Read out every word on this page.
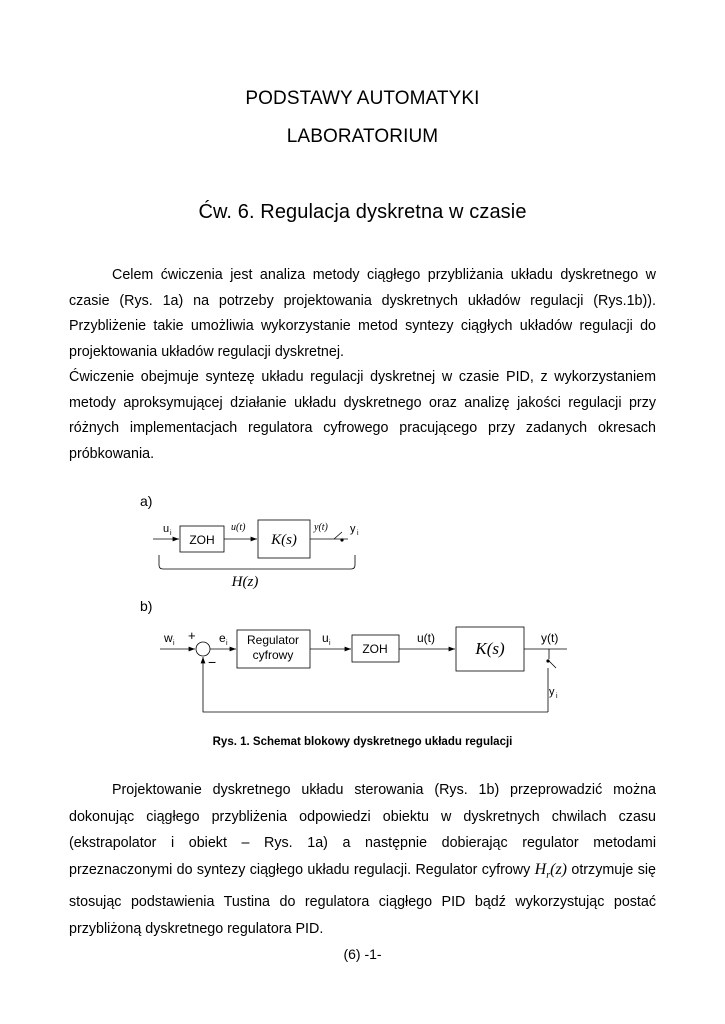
PODSTAWY AUTOMATYKI
LABORATORIUM
Ćw. 6. Regulacja dyskretna w czasie

Celem ćwiczenia jest analiza metody ciągłego przybliżania układu dyskretnego w czasie (Rys. 1a) na potrzeby projektowania dyskretnych układów regulacji (Rys.1b)). Przybliżenie takie umożliwia wykorzystanie metod syntezy ciągłych układów regulacji do projektowania układów regulacji dyskretnej.

Ćwiczenie obejmuje syntezę układu regulacji dyskretnej w czasie PID, z wykorzystaniem metody aproksymującej działanie układu dyskretnego oraz analizę jakości regulacji przy różnych implementacjach regulatora cyfrowego pracującego przy zadanych okresach próbkowania.

a)
u i ZOH
u(t)
K(s)
y(t) y i
H(z)
b)
w i
+
−
e i Regulator
cyfrowy
u i	ZOH
u(t)
K(s)
y(t)
y i
Rys. 1. Schemat blokowy dyskretnego układu regulacji

Projektowanie dyskretnego układu sterowania (Rys. 1b) przeprowadzić można dokonując ciągłego przybliżenia odpowiedzi obiektu w dyskretnych chwilach czasu (ekstrapolator i obiekt – Rys. 1a) a następnie dobierając regulator metodami przeznaczonymi do syntezy ciągłego układu regulacji. Regulator cyfrowy $H_r(z)$ otrzymuje się stosując podstawienia Tustina do regulatora ciągłego PID bądź wykorzystując postać przybliżoną dyskretnego regulatora PID.

(6) -1-
